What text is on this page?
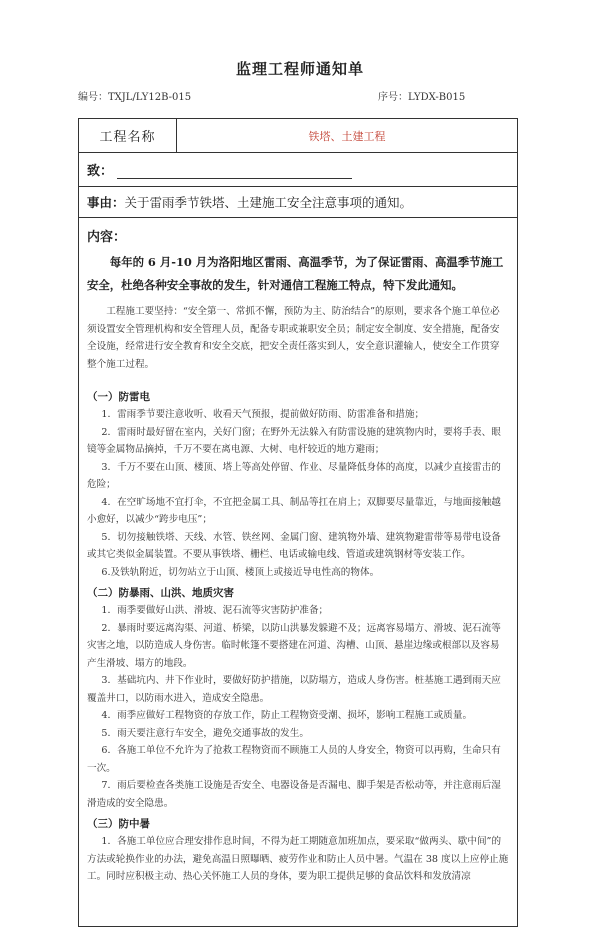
监理工程师通知单
编号：TXJL/LY12B-015	序号：LYDX-B015
工程名称	铁塔、土建工程
致：
事由：关于雷雨季节铁塔、土建施工安全注意事项的通知。

内容：

每年的 6 月-10 月为洛阳地区雷雨、高温季节，为了保证雷雨、高温季节施工安全，杜绝各种安全事故的发生，针对通信工程施工特点，特下发此通知。

工程施工要坚持：“安全第一、常抓不懈，预防为主、防治结合”的原则，要求各个施工单位必须设置安全管理机构和安全管理人员，配备专职或兼职安全员；制定安全制度、安全措施，配备安全设施，经常进行安全教育和安全交底，把安全责任落实到人，安全意识灌输人，使安全工作贯穿整个施工过程。

（一）防雷电

1．雷雨季节要注意收听、收看天气预报，提前做好防雨、防雷准备和措施；

2．雷雨时最好留在室内，关好门窗；在野外无法躲入有防雷设施的建筑物内时，要将手表、眼镜等金属物品摘掉，千万不要在离电源、大树、电杆较近的地方避雨；

3．千万不要在山顶、楼顶、塔上等高处停留、作业、尽量降低身体的高度，以减少直接雷击的危险；

4．在空旷场地不宜打伞，不宜把金属工具、制品等扛在肩上；双脚要尽量靠近，与地面接触越小愈好，以减少“跨步电压”；

5．切勿接触铁塔、天线、水管、铁丝网、金属门窗、建筑物外墙、建筑物避雷带等易带电设备或其它类似金属装置。不要从事铁塔、栅栏、电话或输电线、管道或建筑钢材等安装工作。

6.及铁轨附近，切勿站立于山顶、楼顶上或接近导电性高的物体。

（二）防暴雨、山洪、地质灾害

1．雨季要做好山洪、滑坡、泥石流等灾害防护准备；

2．暴雨时要远离沟渠、河道、桥梁，以防山洪暴发躲避不及；远离容易塌方、滑坡、泥石流等灾害之地，以防造成人身伤害。临时帐篷不要搭建在河道、沟槽、山顶、悬崖边缘或根部以及容易产生滑坡、塌方的地段。

3．基础坑内、井下作业时，要做好防护措施，以防塌方，造成人身伤害。桩基施工遇到雨天应覆盖井口，以防雨水进入，造成安全隐患。

4．雨季应做好工程物资的存放工作，防止工程物资受潮、损坏，影响工程施工或质量。

5．雨天要注意行车安全，避免交通事故的发生。

6．各施工单位不允许为了抢救工程物资而不顾施工人员的人身安全，物资可以再购，生命只有一次。

7．雨后要检查各类施工设施是否安全、电器设备是否漏电、脚手架是否松动等，并注意雨后湿滑造成的安全隐患。

（三）防中暑

1．各施工单位应合理安排作息时间，不得为赶工期随意加班加点，要采取“做两头、歇中间”的方法或轮换作业的办法，避免高温日照曝晒、疲劳作业和防止人员中暑。气温在 38 度以上应停止施工。同时应积极主动、热心关怀施工人员的身体，要为职工提供足够的食品饮料和发放清凉
